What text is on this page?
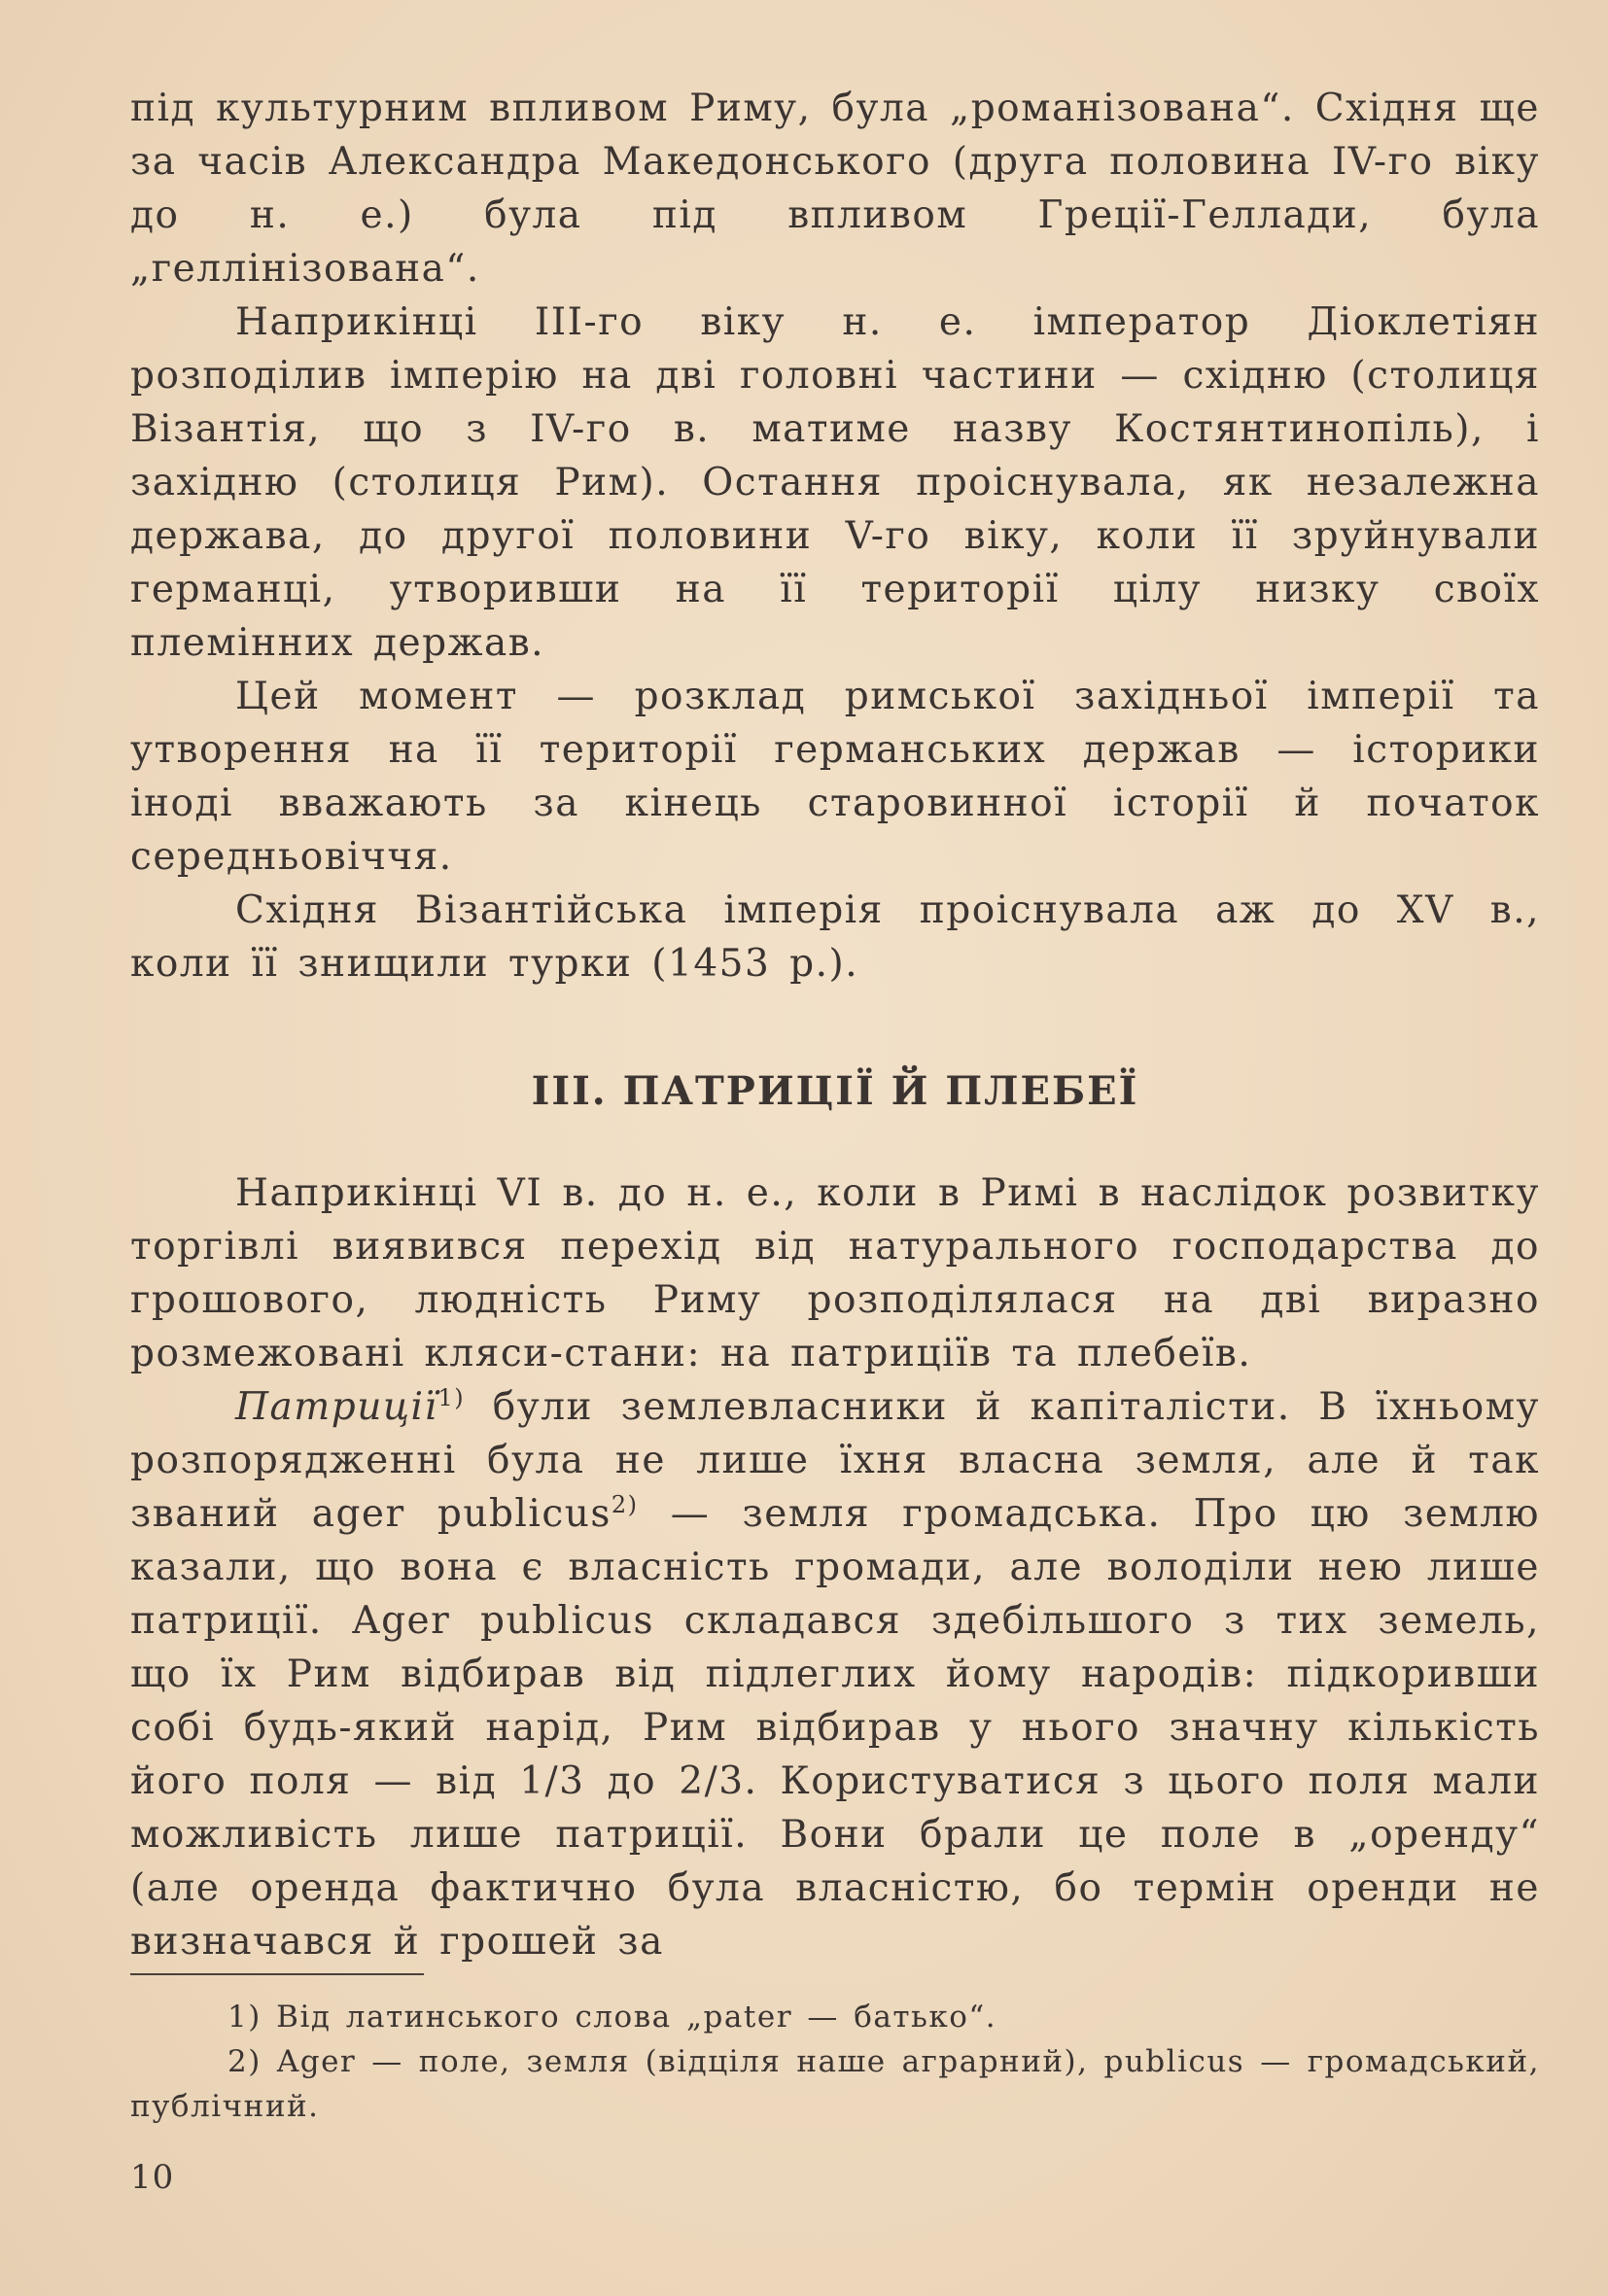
під культурним впливом Риму, була „романізована“. Східня ще за часів Александра Македонського (друга половина IV-го віку до н. е.) була під впливом Греції-Геллади, була „геллінізована“.

Наприкінці III-го віку н. е. імператор Діоклетіян розподілив імперію на дві головні частини — східню (столиця Візантія, що з IV-го в. матиме назву Костянтинопіль), і західню (столиця Рим). Остання проіснувала, як незалежна держава, до другої половини V-го віку, коли її зруйнували германці, утворивши на її території цілу низку своїх племінних держав.

Цей момент — розклад римської західньої імперії та утворення на її території германських держав — історики іноді вважають за кінець старовинної історії й початок середньовіччя.

Східня Візантійська імперія проіснувала аж до XV в., коли її знищили турки (1453 р.).

III. ПАТРИЦІЇ Й ПЛЕБЕЇ

Наприкінці VI в. до н. е., коли в Римі в наслідок розвитку торгівлі виявився перехід від натурального господарства до грошового, людність Риму розподілялася на дві виразно розмежовані кляси-стани: на патриціїв та плебеїв.

Патриції$^{1)}$ були землевласники й капіталісти. В їхньому розпорядженні була не лише їхня власна земля, але й так званий ager publicus$^{2)}$ — земля громадська. Про цю землю казали, що вона є власність громади, але володіли нею лише патриції. Ager publicus складався здебільшого з тих земель, що їх Рим відбирав від підлеглих йому народів: підкоривши собі будь-який нарід, Рим відбирав у нього значну кількість його поля — від 1/3 до 2/3. Користуватися з цього поля мали можливість лише патриції. Вони брали це поле в „оренду“ (але оренда фактично була власністю, бо термін оренди не визначався й грошей за

1) Від латинського слова „pater — батько“.

2) Ager — поле, земля (відціля наше аграрний), publicus — громадський, публічний.

10
